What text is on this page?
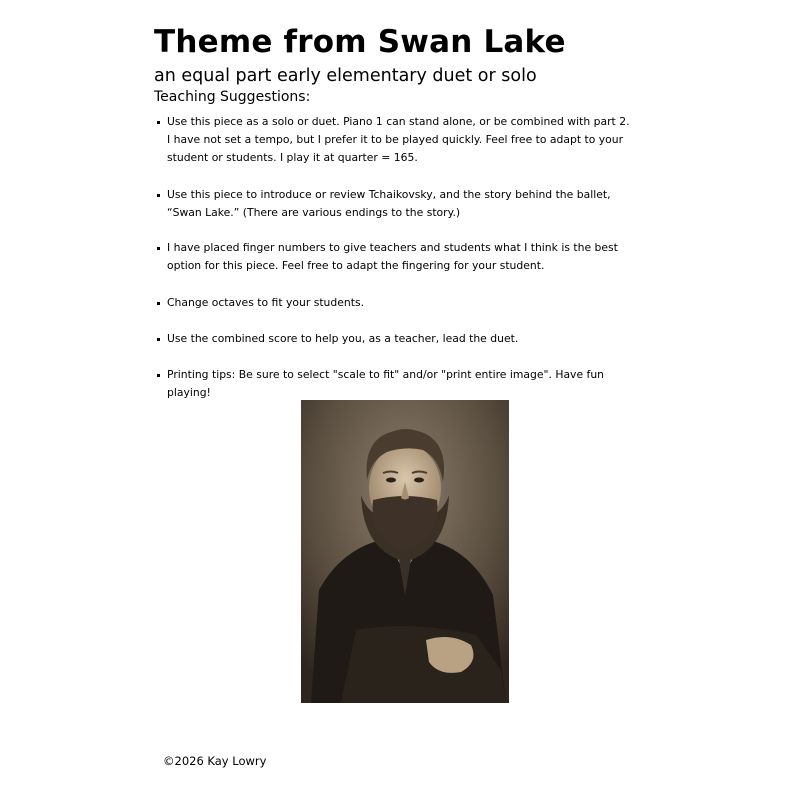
Theme from Swan Lake
an equal part early elementary duet or solo
Teaching Suggestions:
Use this piece as a solo or duet. Piano 1 can stand alone, or be combined with part 2. I have not set a tempo, but I prefer it to be played quickly. Feel free to adapt to your student or students. I play it at quarter = 165.
Use this piece to introduce or review Tchaikovsky, and the story behind the ballet, “Swan Lake.” (There are various endings to the story.)
I have placed finger numbers to give teachers and students what I think is the best option for this piece. Feel free to adapt the fingering for your student.
Change octaves to fit your students.
Use the combined score to help you, as a teacher, lead the duet.
Printing tips: Be sure to select "scale to fit" and/or "print entire image". Have fun playing!
©2026 Kay Lowry
